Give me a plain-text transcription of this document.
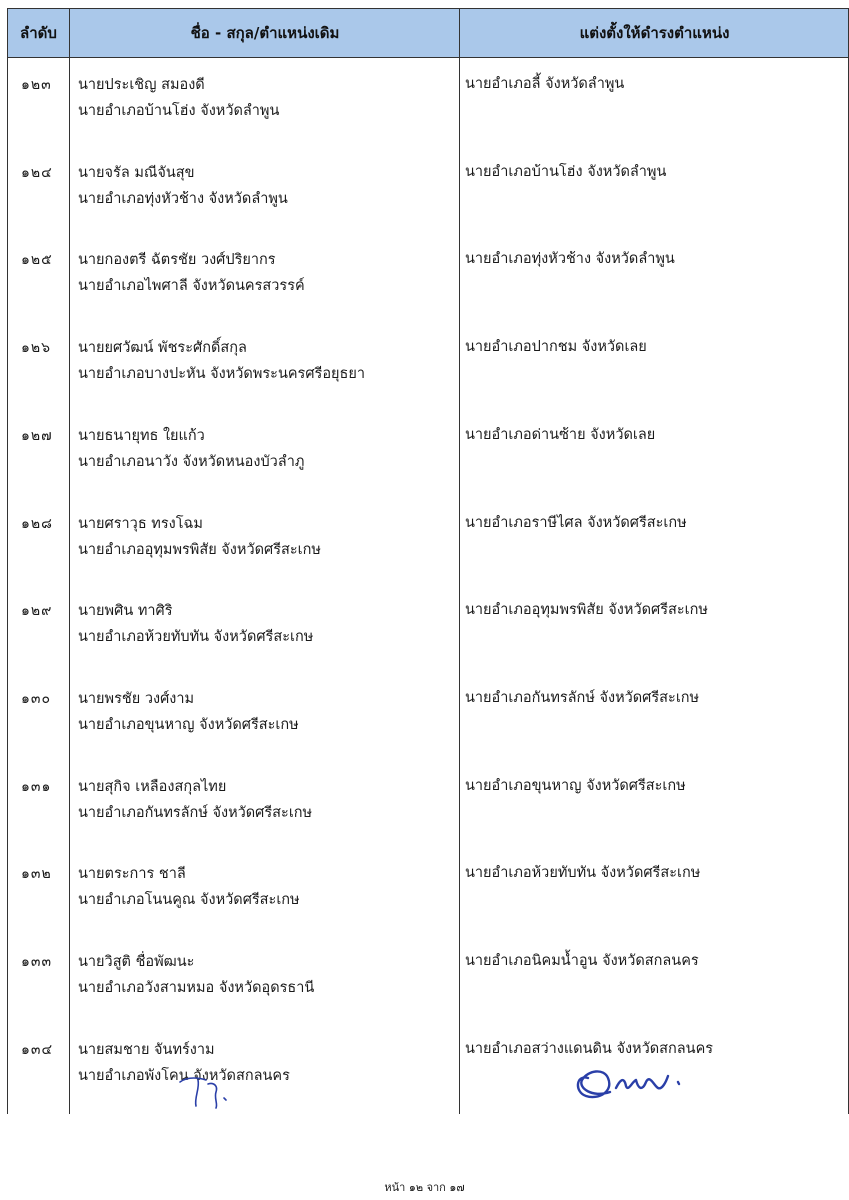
ลำดับ	ชื่อ - สกุล/ตำแหน่งเดิม	แต่งตั้งให้ดำรงตำแหน่ง
๑๒๓ นายประเชิญ สมองดี
นายอำเภอบ้านโฮ่ง จังหวัดลำพูน
นายอำเภอลี้ จังหวัดลำพูน
๑๒๔ นายจรัล มณีจันสุข
นายอำเภอทุ่งหัวช้าง จังหวัดลำพูน
นายอำเภอบ้านโฮ่ง จังหวัดลำพูน
๑๒๕ นายกองตรี ฉัตรชัย วงศ์ปริยากร
นายอำเภอไพศาลี จังหวัดนครสวรรค์
นายอำเภอทุ่งหัวช้าง จังหวัดลำพูน
๑๒๖ นายยศวัฒน์ พัชระศักดิ์สกุล
นายอำเภอบางปะหัน จังหวัดพระนครศรีอยุธยา
นายอำเภอปากชม จังหวัดเลย
๑๒๗ นายธนายุทธ ใยแก้ว
นายอำเภอนาวัง จังหวัดหนองบัวลำภู
นายอำเภอด่านซ้าย จังหวัดเลย
๑๒๘ นายศราวุธ ทรงโฉม
นายอำเภออุทุมพรพิสัย จังหวัดศรีสะเกษ
นายอำเภอราษีไศล จังหวัดศรีสะเกษ
๑๒๙ นายพศิน ทาศิริ
นายอำเภอห้วยทับทัน จังหวัดศรีสะเกษ
นายอำเภออุทุมพรพิสัย จังหวัดศรีสะเกษ
๑๓๐ นายพรชัย วงศ์งาม
นายอำเภอขุนหาญ จังหวัดศรีสะเกษ
นายอำเภอกันทรลักษ์ จังหวัดศรีสะเกษ
๑๓๑ นายสุกิจ เหลืองสกุลไทย
นายอำเภอกันทรลักษ์ จังหวัดศรีสะเกษ
นายอำเภอขุนหาญ จังหวัดศรีสะเกษ
๑๓๒ นายตระการ ชาลี
นายอำเภอโนนคูณ จังหวัดศรีสะเกษ
นายอำเภอห้วยทับทัน จังหวัดศรีสะเกษ
๑๓๓ นายวิสูติ ชื่อพัฒนะ
นายอำเภอวังสามหมอ จังหวัดอุดรธานี
นายอำเภอนิคมน้ำอูน จังหวัดสกลนคร
๑๓๔ นายสมชาย จันทร์งาม
นายอำเภอพังโคน จังหวัดสกลนคร
นายอำเภอสว่างแดนดิน จังหวัดสกลนคร
หน้า ๑๒ จาก ๑๗
